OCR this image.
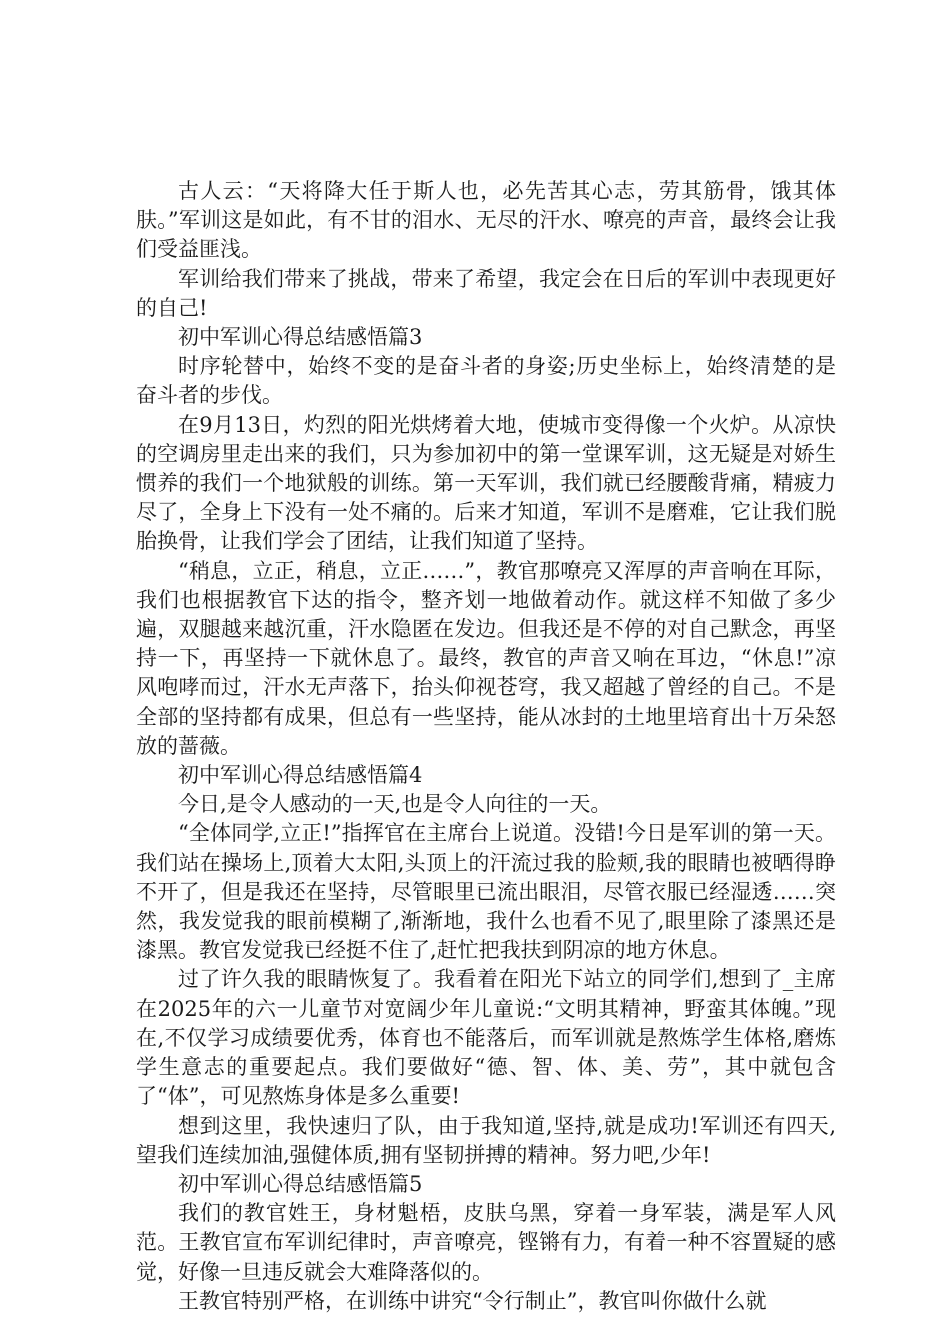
古人云：“天将降大任于斯人也，必先苦其心志，劳其筋骨，饿其体肤。”军训这是如此，有不甘的泪水、无尽的汗水、嘹亮的声音，最终会让我们受益匪浅。

军训给我们带来了挑战，带来了希望，我定会在日后的军训中表现更好的自己!

初中军训心得总结感悟篇3

时序轮替中，始终不变的是奋斗者的身姿;历史坐标上，始终清楚的是奋斗者的步伐。

在9月13日，灼烈的阳光烘烤着大地，使城市变得像一个火炉。从凉快的空调房里走出来的我们，只为参加初中的第一堂课军训，这无疑是对娇生惯养的我们一个地狱般的训练。第一天军训，我们就已经腰酸背痛，精疲力尽了，全身上下没有一处不痛的。后来才知道，军训不是磨难，它让我们脱胎换骨，让我们学会了团结，让我们知道了坚持。

“稍息，立正，稍息，立正……”，教官那嘹亮又浑厚的声音响在耳际，我们也根据教官下达的指令，整齐划一地做着动作。就这样不知做了多少遍，双腿越来越沉重，汗水隐匿在发边。但我还是不停的对自己默念，再坚持一下，再坚持一下就休息了。最终，教官的声音又响在耳边，“休息!”凉风咆哮而过，汗水无声落下，抬头仰视苍穹，我又超越了曾经的自己。不是全部的坚持都有成果，但总有一些坚持，能从冰封的土地里培育出十万朵怒放的蔷薇。

初中军训心得总结感悟篇4

今日,是令人感动的一天,也是令人向往的一天。

“全体同学,立正!”指挥官在主席台上说道。没错!今日是军训的第一天。我们站在操场上,顶着大太阳,头顶上的汗流过我的脸颊,我的眼睛也被晒得睁不开了，但是我还在坚持，尽管眼里已流出眼泪，尽管衣服已经湿透……突然，我发觉我的眼前模糊了,渐渐地，我什么也看不见了,眼里除了漆黑还是漆黑。教官发觉我已经挺不住了,赶忙把我扶到阴凉的地方休息。

过了许久我的眼睛恢复了。我看着在阳光下站立的同学们,想到了_主席在2025年的六一儿童节对宽阔少年儿童说:“文明其精神，野蛮其体魄。”现在,不仅学习成绩要优秀，体育也不能落后，而军训就是熬炼学生体格,磨炼学生意志的重要起点。我们要做好“德、智、体、美、劳”，其中就包含了“体”，可见熬炼身体是多么重要!

想到这里，我快速归了队，由于我知道,坚持,就是成功!军训还有四天,望我们连续加油,强健体质,拥有坚韧拼搏的精神。努力吧,少年!

初中军训心得总结感悟篇5

我们的教官姓王，身材魁梧，皮肤乌黑，穿着一身军装，满是军人风范。王教官宣布军训纪律时，声音嘹亮，铿锵有力，有着一种不容置疑的感觉，好像一旦违反就会大难降落似的。

王教官特别严格，在训练中讲究“令行制止”，教官叫你做什么就
